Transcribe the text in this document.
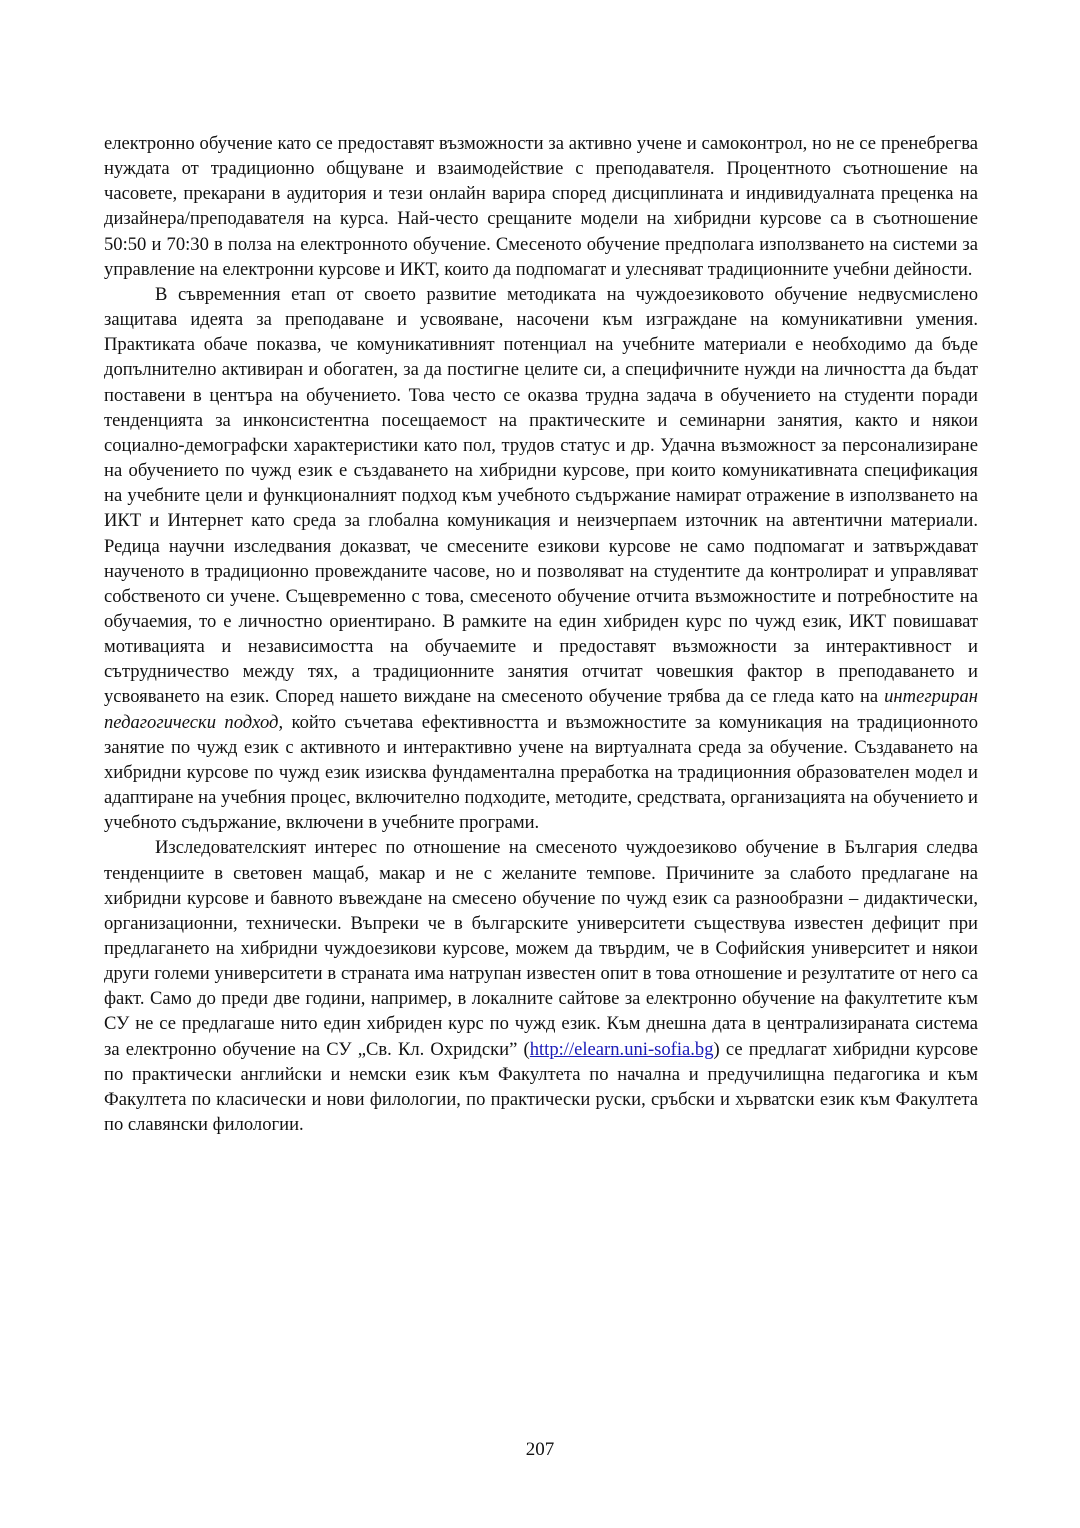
електронно обучение като се предоставят възможности за активно учене и самоконтрол, но не се пренебрегва нуждата от традиционно общуване и взаимодействие с преподавателя. Процентното съотношение на часовете, прекарани в аудитория и тези онлайн варира според дисциплината и индивидуалната преценка на дизайнера/преподавателя на курса. Най-често срещаните модели на хибридни курсове са в съотношение 50:50 и 70:30 в полза на електронното обучение. Смесеното обучение предполага използването на системи за управление на електронни курсове и ИКТ, които да подпомагат и улесняват традиционните учебни дейности.

В съвременния етап от своето развитие методиката на чуждоезиковото обучение недвусмислено защитава идеята за преподаване и усвояване, насочени към изграждане на комуникативни умения. Практиката обаче показва, че комуникативният потенциал на учебните материали е необходимо да бъде допълнително активиран и обогатен, за да постигне целите си, а специфичните нужди на личността да бъдат поставени в центъра на обучението. Това често се оказва трудна задача в обучението на студенти поради тенденцията за инконсистентна посещаемост на практическите и семинарни занятия, както и някои социално-демографски характеристики като пол, трудов статус и др. Удачна възможност за персонализиране на обучението по чужд език е създаването на хибридни курсове, при които комуникативната спецификация на учебните цели и функционалният подход към учебното съдържание намират отражение в използването на ИКТ и Интернет като среда за глобална комуникация и неизчерпаем източник на автентични материали. Редица научни изследвания доказват, че смесените езикови курсове не само подпомагат и затвърждават наученото в традиционно провежданите часове, но и позволяват на студентите да контролират и управляват собственото си учене. Същевременно с това, смесеното обучение отчита възможностите и потребностите на обучаемия, то е личностно ориентирано. В рамките на един хибриден курс по чужд език, ИКТ повишават мотивацията и независимостта на обучаемите и предоставят възможности за интерактивност и сътрудничество между тях, а традиционните занятия отчитат човешкия фактор в преподаването и усвояването на език. Според нашето виждане на смесеното обучение трябва да се гледа като на интегриран педагогически подход, който съчетава ефективността и възможностите за комуникация на традиционното занятие по чужд език с активното и интерактивно учене на виртуалната среда за обучение. Създаването на хибридни курсове по чужд език изисква фундаментална преработка на традиционния образователен модел и адаптиране на учебния процес, включително подходите, методите, средствата, организацията на обучението и учебното съдържание, включени в учебните програми.

Изследователският интерес по отношение на смесеното чуждоезиково обучение в България следва тенденциите в световен мащаб, макар и не с желаните темпове. Причините за слабото предлагане на хибридни курсове и бавното въвеждане на смесено обучение по чужд език са разнообразни – дидактически, организационни, технически. Въпреки че в българските университети съществува известен дефицит при предлагането на хибридни чуждоезикови курсове, можем да твърдим, че в Софийския университет и някои други големи университети в страната има натрупан известен опит в това отношение и резултатите от него са факт. Само до преди две години, например, в локалните сайтове за електронно обучение на факултетите към СУ не се предлагаше нито един хибриден курс по чужд език. Към днешна дата в централизираната система за електронно обучение на СУ „Св. Кл. Охридски” (http://elearn.uni-sofia.bg) се предлагат хибридни курсове по практически английски и немски език към Факултета по начална и предучилищна педагогика и към Факултета по класически и нови филологии, по практически руски, сръбски и хърватски език към Факултета по славянски филологии.

207
